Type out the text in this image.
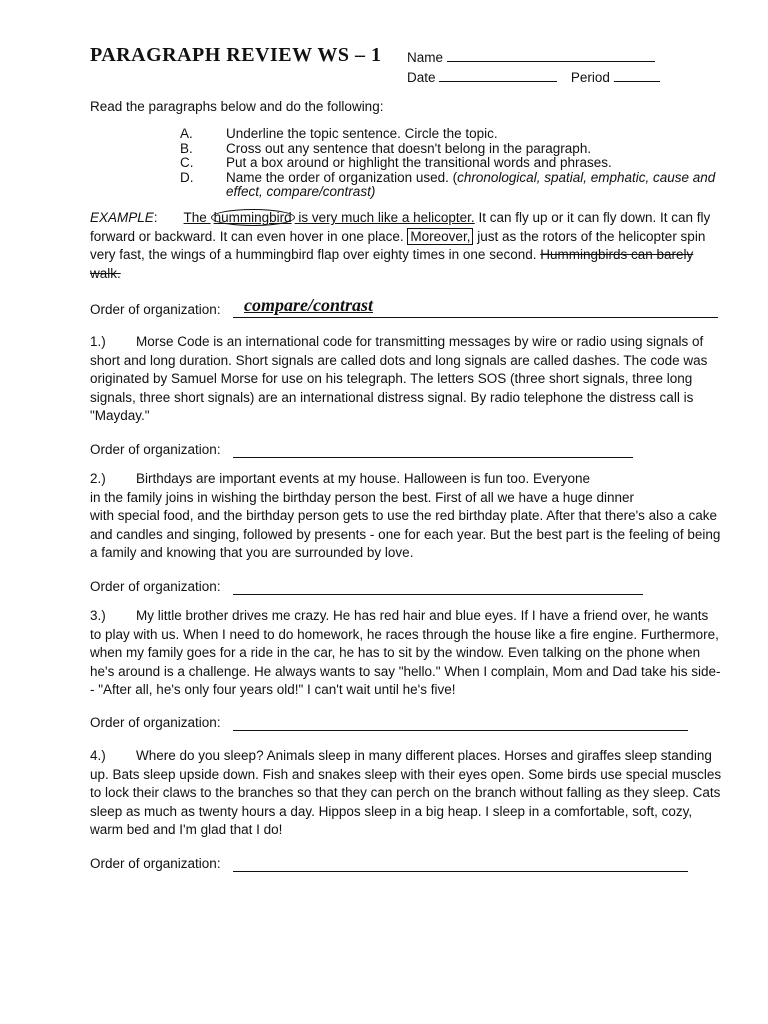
PARAGRAPH REVIEW WS – 1 Name
Date	Period
Read the paragraphs below and do the following:
A.	Underline the topic sentence. Circle the topic.
B.	Cross out any sentence that doesn't belong in the paragraph.
C.	Put a box around or highlight the transitional words and phrases.
D.	Name the order of organization used. (chronological, spatial, emphatic, cause and effect, compare/contrast)
EXAMPLE: The hummingbird is very much like a helicopter. It can fly up or it can fly down. It can fly forward or backward. It can even hover in one place. Moreover, just as the rotors of the helicopter spin very fast, the wings of a hummingbird flap over eighty times in one second. Hummingbirds can barely walk.
Order of organization: compare/contrast
1.) Morse Code is an international code for transmitting messages by wire or radio using signals of short and long duration. Short signals are called dots and long signals are called dashes. The code was originated by Samuel Morse for use on his telegraph. The letters SOS (three short signals, three long signals, three short signals) are an international distress signal. By radio telephone the distress call is "Mayday."
Order of organization:
2.) Birthdays are important events at my house. Halloween is fun too. Everyone
in the family joins in wishing the birthday person the best. First of all we have a huge dinner
with special food, and the birthday person gets to use the red birthday plate. After that there's also a cake and candles and singing, followed by presents - one for each year. But the best part is the feeling of being a family and knowing that you are surrounded by love.
Order of organization:
3.) My little brother drives me crazy. He has red hair and blue eyes. If I have a friend over, he wants to play with us. When I need to do homework, he races through the house like a fire engine. Furthermore, when my family goes for a ride in the car, he has to sit by the window. Even talking on the phone when he's around is a challenge. He always wants to say "hello." When I complain, Mom and Dad take his side-- "After all, he's only four years old!" I can't wait until he's five!
Order of organization:
4.) Where do you sleep? Animals sleep in many different places. Horses and giraffes sleep standing up. Bats sleep upside down. Fish and snakes sleep with their eyes open. Some birds use special muscles to lock their claws to the branches so that they can perch on the branch without falling as they sleep. Cats sleep as much as twenty hours a day. Hippos sleep in a big heap. I sleep in a comfortable, soft, cozy, warm bed and I'm glad that I do!
Order of organization:
